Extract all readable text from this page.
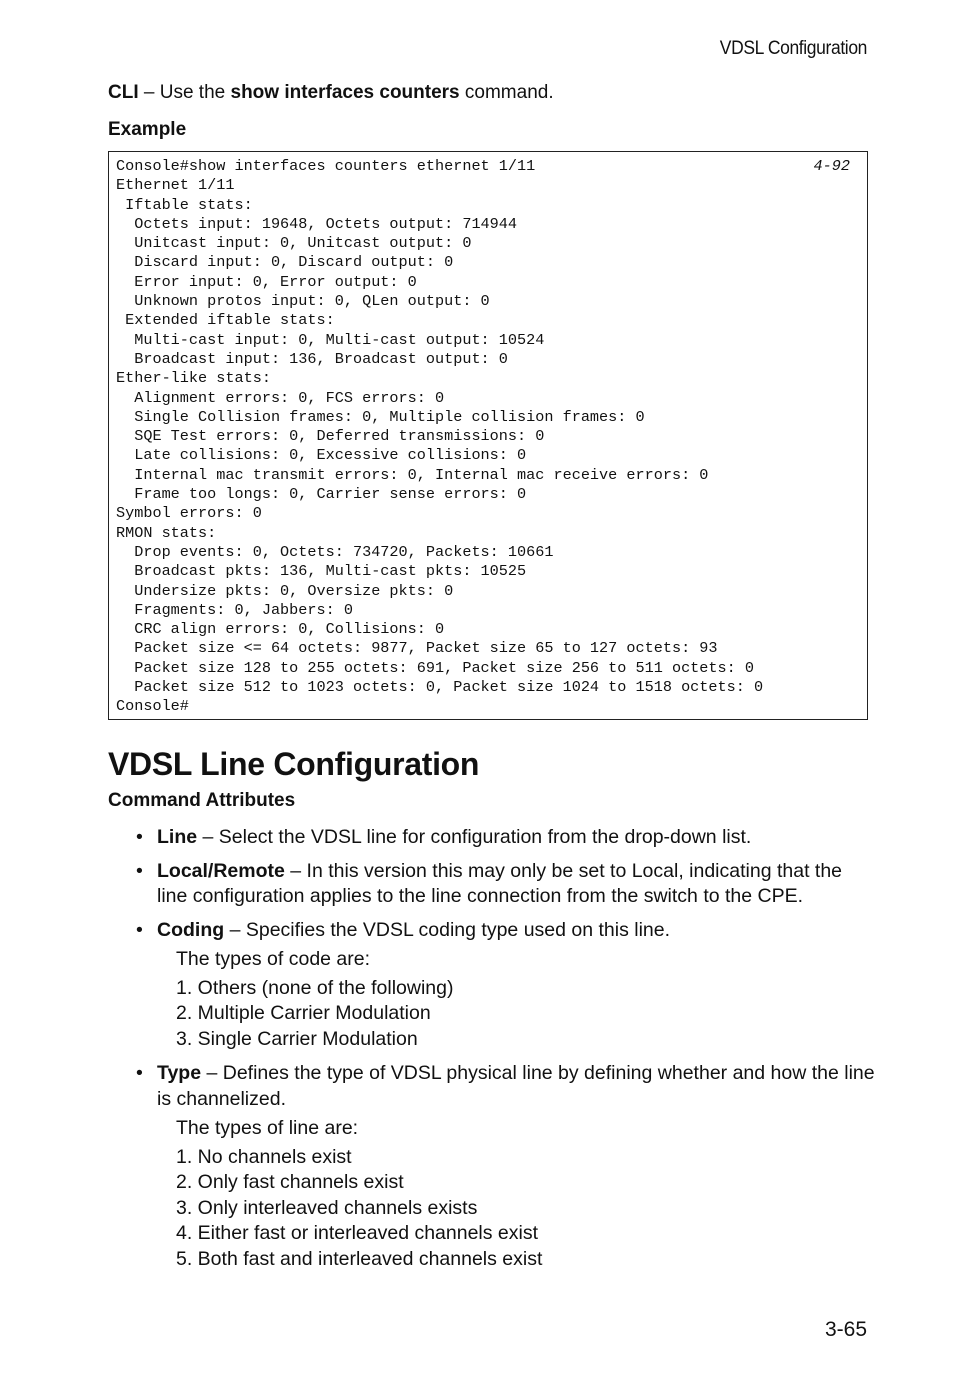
VDSL Configuration
CLI – Use the show interfaces counters command.
Example
Console#show interfaces counters ethernet 1/11
Ethernet 1/11
Iftable stats:
Octets input: 19648, Octets output: 714944
Unitcast input: 0, Unitcast output: 0
Discard input: 0, Discard output: 0
Error input: 0, Error output: 0
Unknown protos input: 0, QLen output: 0
Extended iftable stats:
Multi-cast input: 0, Multi-cast output: 10524
Broadcast input: 136, Broadcast output: 0
Ether-like stats:
Alignment errors: 0, FCS errors: 0
Single Collision frames: 0, Multiple collision frames: 0
SQE Test errors: 0, Deferred transmissions: 0
Late collisions: 0, Excessive collisions: 0
Internal mac transmit errors: 0, Internal mac receive errors: 0
Frame too longs: 0, Carrier sense errors: 0
Symbol errors: 0
RMON stats:
Drop events: 0, Octets: 734720, Packets: 10661
Broadcast pkts: 136, Multi-cast pkts: 10525
Undersize pkts: 0, Oversize pkts: 0
Fragments: 0, Jabbers: 0
CRC align errors: 0, Collisions: 0
Packet size <= 64 octets: 9877, Packet size 65 to 127 octets: 93
Packet size 128 to 255 octets: 691, Packet size 256 to 511 octets: 0
Packet size 512 to 1023 octets: 0, Packet size 1024 to 1518 octets: 0
Console#
4-92
VDSL Line Configuration
Command Attributes
• Line – Select the VDSL line for configuration from the drop-down list.
• Local/Remote – In this version this may only be set to Local, indicating that the line configuration applies to the line connection from the switch to the CPE.
• Coding – Specifies the VDSL coding type used on this line.
The types of code are:
1. Others (none of the following)
2. Multiple Carrier Modulation
3. Single Carrier Modulation
• Type – Defines the type of VDSL physical line by defining whether and how the line is channelized.
The types of line are:
1. No channels exist
2. Only fast channels exist
3. Only interleaved channels exists
4. Either fast or interleaved channels exist
5. Both fast and interleaved channels exist
3-65
